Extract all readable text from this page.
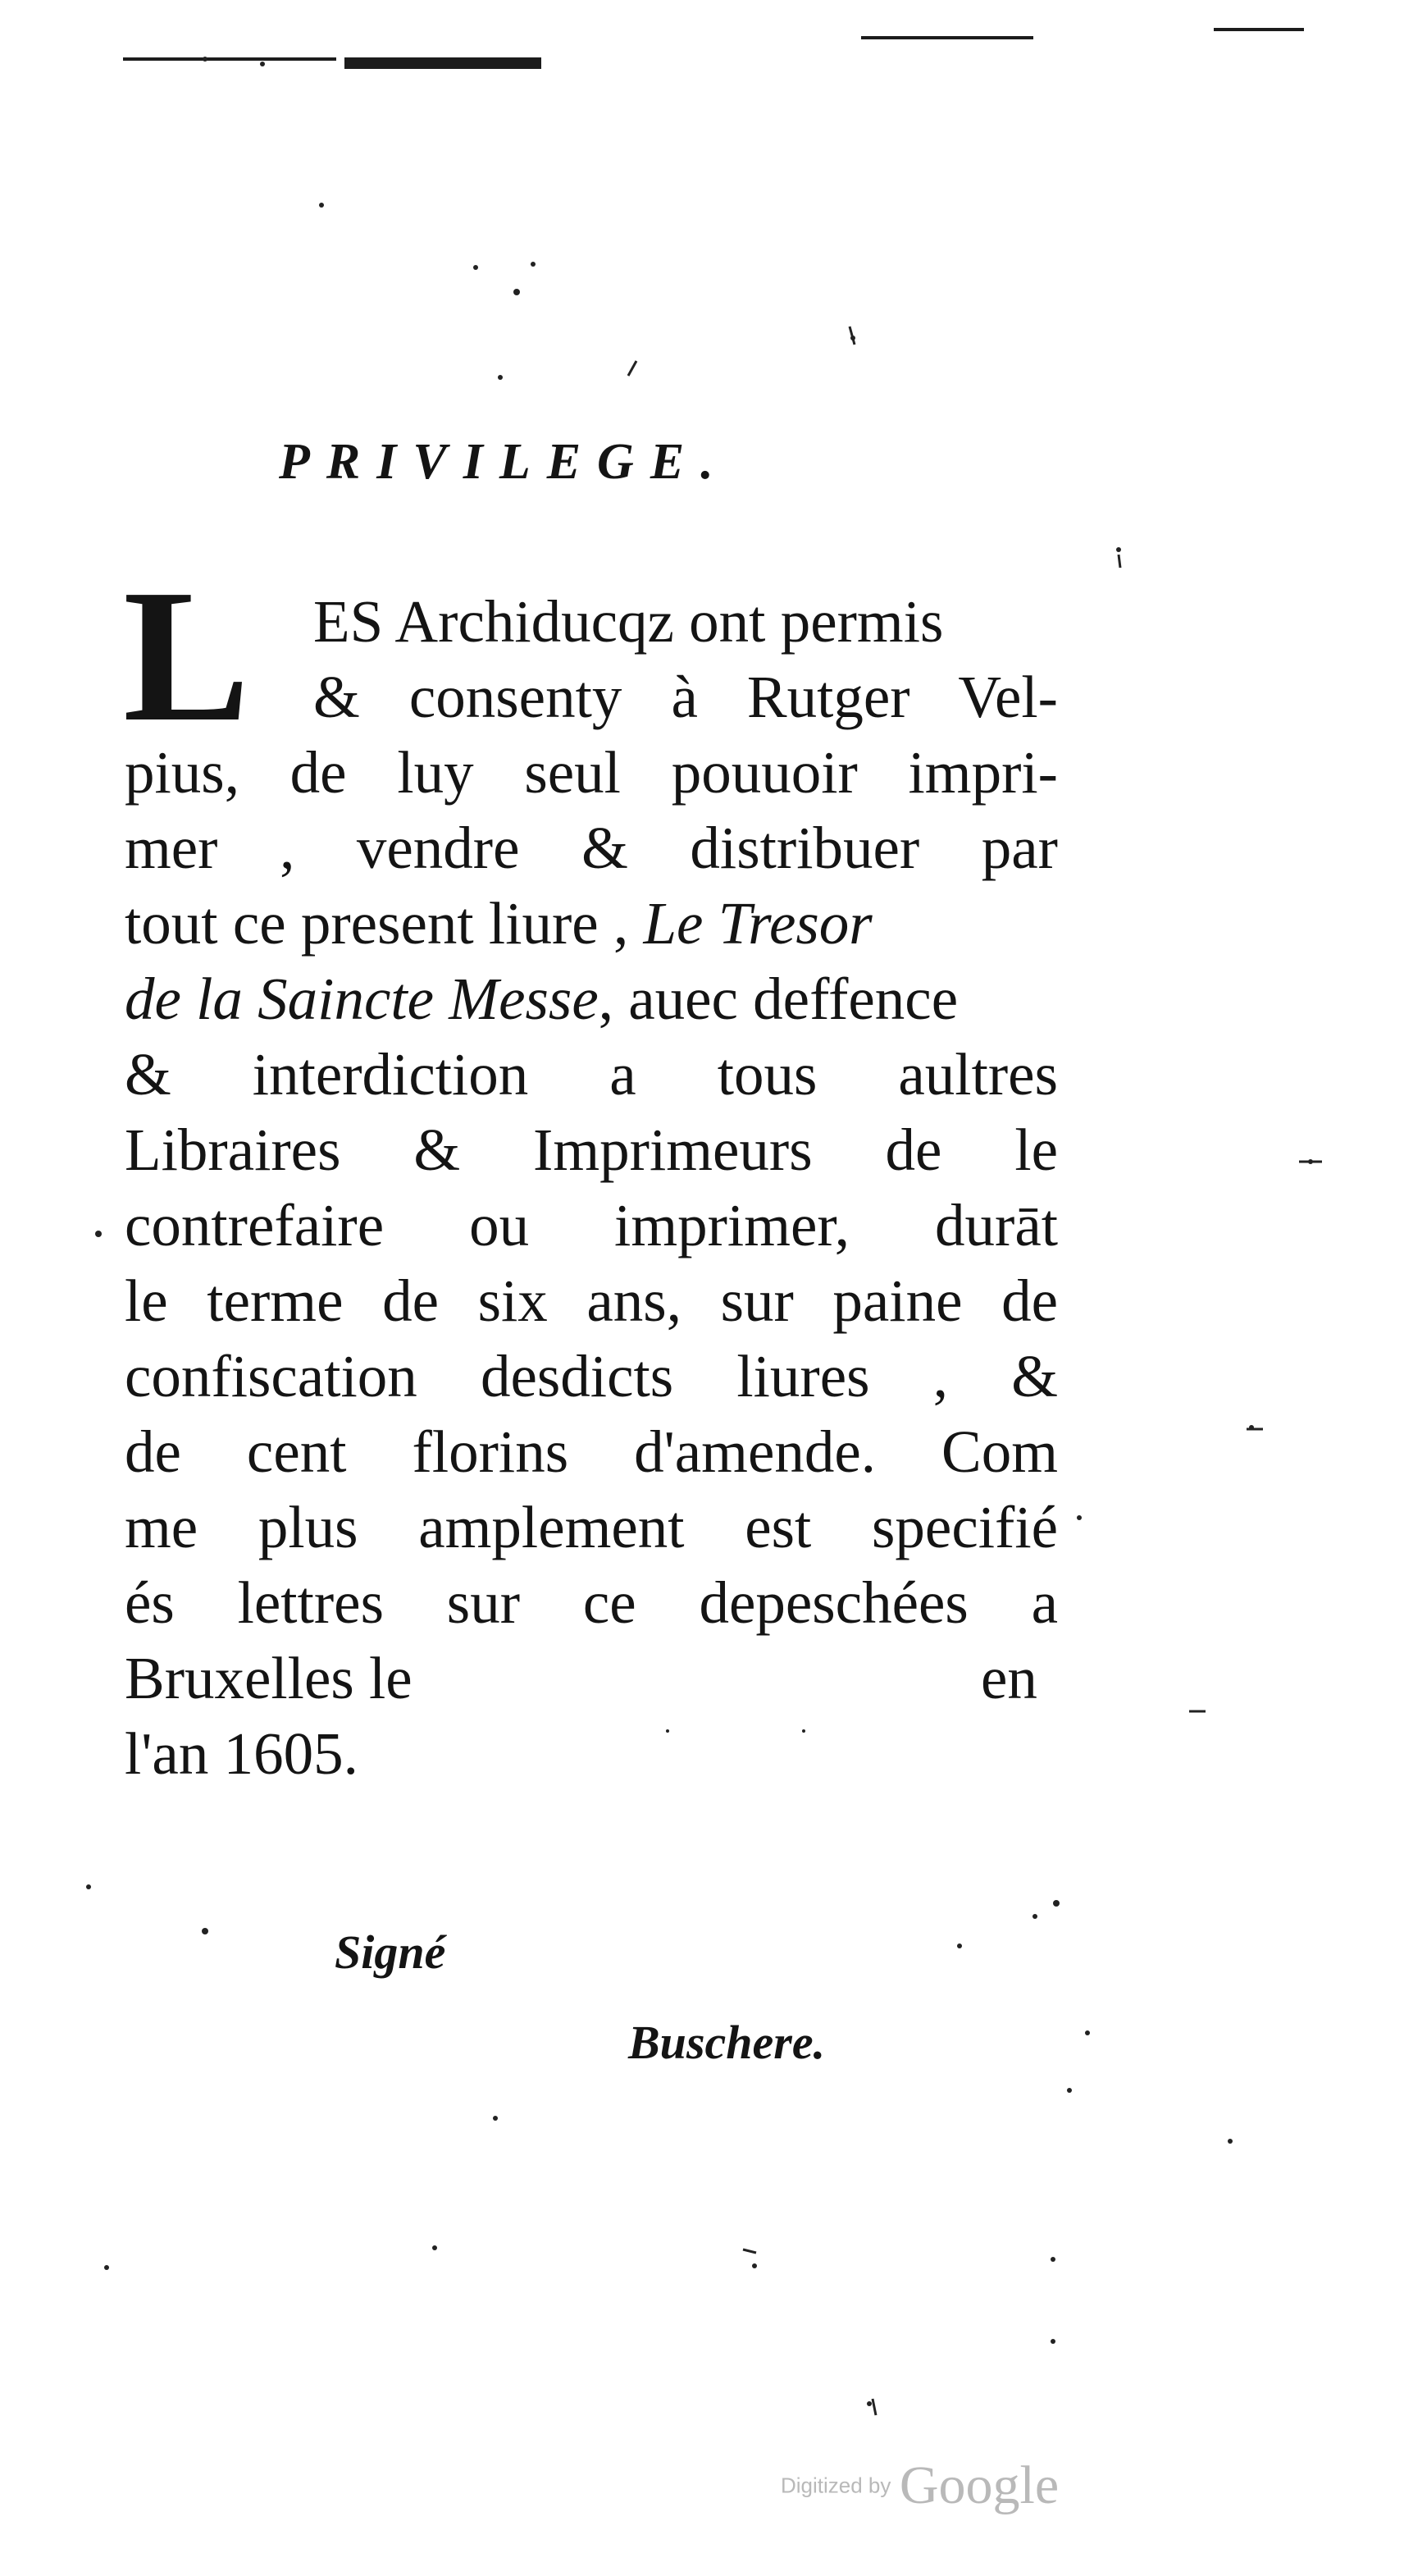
PRIVILEGE.
L ES Archiducqz ont permis

& consenty à Rutger Vel-

pius, de luy seul pouuoir impri-

mer , vendre & distribuer par

tout ce present liure , Le Tresor

de la Saincte Messe, auec deffence

& interdiction a tous aultres

Libraires & Imprimeurs de le

contrefaire ou imprimer, durāt

le terme de six ans, sur paine de

confiscation desdicts liures , &

de cent florins d'amende. Com

me plus amplement est specifié

és lettres sur ce depeschées a

Bruxelles le	en

l'an 1605.

Signé
Buschere.
Digitized by Google
